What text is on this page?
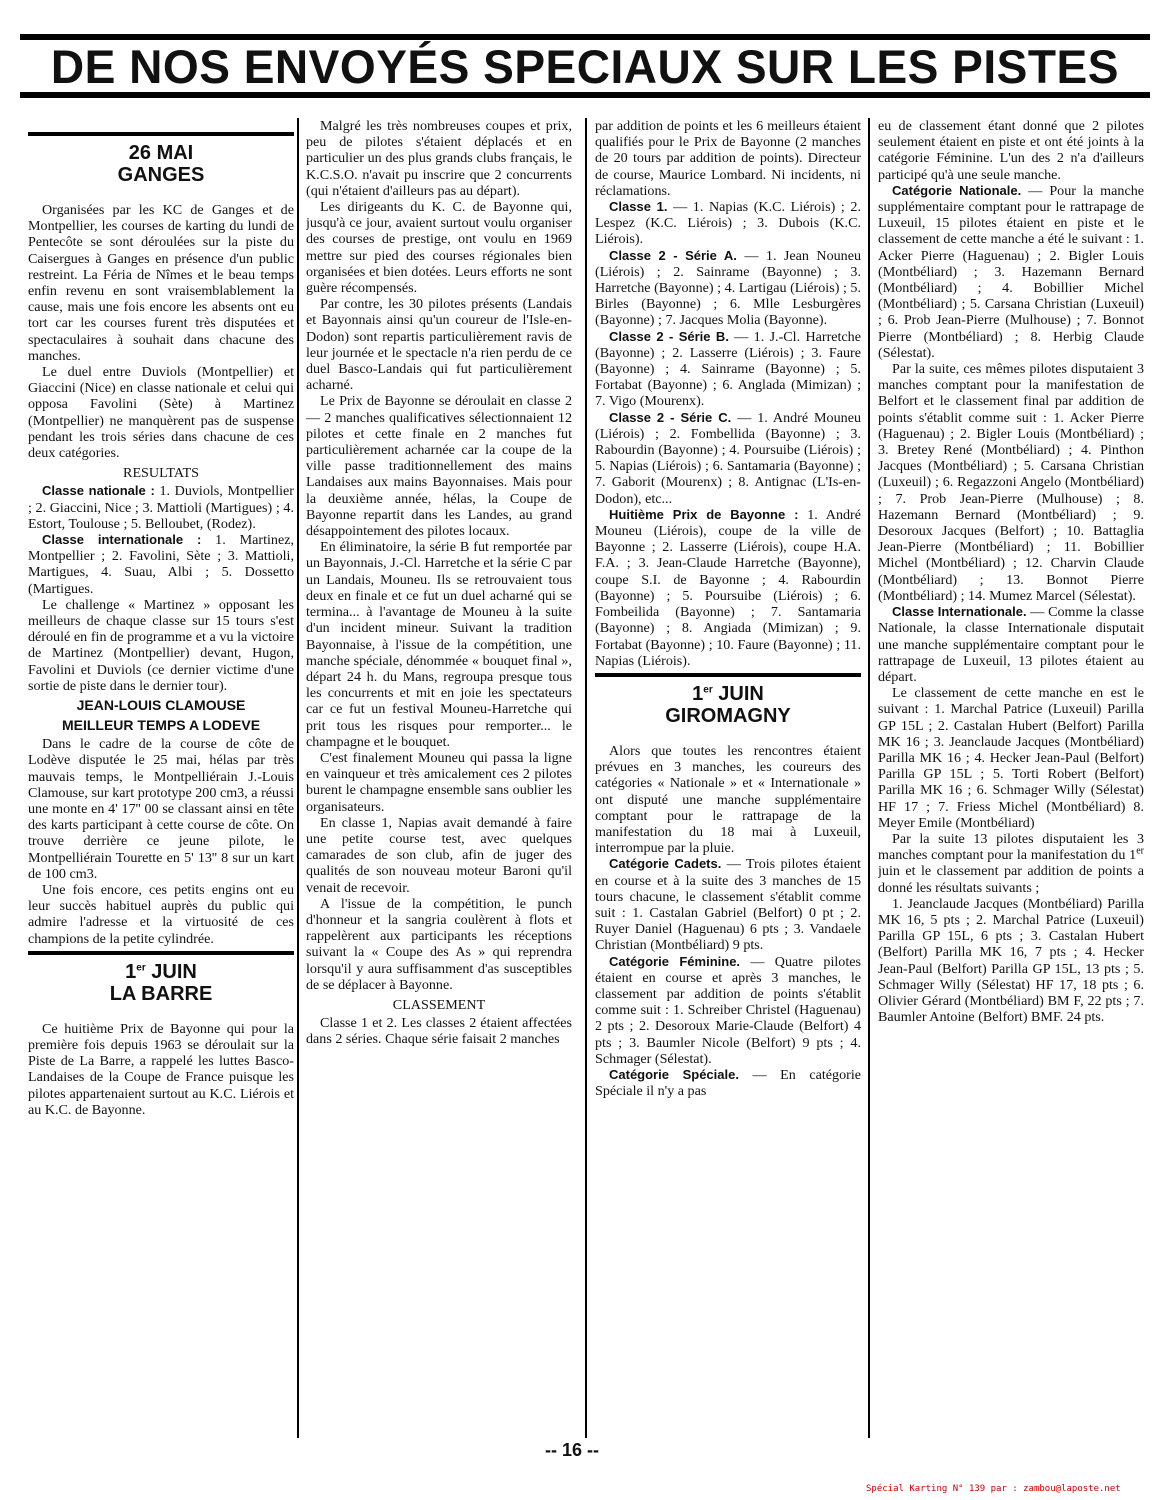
DE NOS ENVOYÉS SPECIAUX SUR LES PISTES
26 MAI
GANGES

Organisées par les KC de Ganges et de Montpellier, les courses de karting du lundi de Pentecôte se sont déroulées sur la piste du Caisergues à Ganges en présence d'un public restreint. La Féria de Nîmes et le beau temps enfin revenu en sont vraisemblablement la cause, mais une fois encore les absents ont eu tort car les courses furent très disputées et spectaculaires à souhait dans chacune des manches.

Le duel entre Duviols (Montpellier) et Giaccini (Nice) en classe nationale et celui qui opposa Favolini (Sète) à Martinez (Montpellier) ne manquèrent pas de suspense pendant les trois séries dans chacune de ces deux catégories.

RESULTATS

Classe nationale : 1. Duviols, Montpellier ; 2. Giaccini, Nice ; 3. Mattioli (Martigues) ; 4. Estort, Toulouse ; 5. Belloubet, (Rodez).

Classe internationale : 1. Martinez, Montpellier ; 2. Favolini, Sète ; 3. Mattioli, Martigues, 4. Suau, Albi ; 5. Dossetto (Martigues.

Le challenge « Martinez » opposant les meilleurs de chaque classe sur 15 tours s'est déroulé en fin de programme et a vu la victoire de Martinez (Montpellier) devant, Hugon, Favolini et Duviols (ce dernier victime d'une sortie de piste dans le dernier tour).

JEAN-LOUIS CLAMOUSE
MEILLEUR TEMPS A LODEVE

Dans le cadre de la course de côte de Lodève disputée le 25 mai, hélas par très mauvais temps, le Montpelliérain J.-Louis Clamouse, sur kart prototype 200 cm3, a réussi une monte en 4' 17'' 00 se classant ainsi en tête des karts participant à cette course de côte. On trouve derrière ce jeune pilote, le Montpelliérain Tourette en 5' 13'' 8 sur un kart de 100 cm3.

Une fois encore, ces petits engins ont eu leur succès habituel auprès du public qui admire l'adresse et la virtuosité de ces champions de la petite cylindrée.

1er JUIN
LA BARRE

Ce huitième Prix de Bayonne qui pour la première fois depuis 1963 se déroulait sur la Piste de La Barre, a rappelé les luttes Basco-Landaises de la Coupe de France puisque les pilotes appartenaient surtout au K.C. Liérois et au K.C. de Bayonne.

Malgré les très nombreuses coupes et prix, peu de pilotes s'étaient déplacés et en particulier un des plus grands clubs français, le K.C.S.O. n'avait pu inscrire que 2 concurrents (qui n'étaient d'ailleurs pas au départ).

Les dirigeants du K. C. de Bayonne qui, jusqu'à ce jour, avaient surtout voulu organiser des courses de prestige, ont voulu en 1969 mettre sur pied des courses régionales bien organisées et bien dotées. Leurs efforts ne sont guère récompensés.

Par contre, les 30 pilotes présents (Landais et Bayonnais ainsi qu'un coureur de l'Isle-en-Dodon) sont repartis particulièrement ravis de leur journée et le spectacle n'a rien perdu de ce duel Basco-Landais qui fut particulièrement acharné.

Le Prix de Bayonne se déroulait en classe 2 — 2 manches qualificatives sélectionnaient 12 pilotes et cette finale en 2 manches fut particulièrement acharnée car la coupe de la ville passe traditionnellement des mains Landaises aux mains Bayonnaises. Mais pour la deuxième année, hélas, la Coupe de Bayonne repartit dans les Landes, au grand désappointement des pilotes locaux.

En éliminatoire, la série B fut remportée par un Bayonnais, J.-Cl. Harretche et la série C par un Landais, Mouneu. Ils se retrouvaient tous deux en finale et ce fut un duel acharné qui se termina... à l'avantage de Mouneu à la suite d'un incident mineur. Suivant la tradition Bayonnaise, à l'issue de la compétition, une manche spéciale, dénommée « bouquet final », départ 24 h. du Mans, regroupa presque tous les concurrents et mit en joie les spectateurs car ce fut un festival Mouneu-Harretche qui prit tous les risques pour remporter... le champagne et le bouquet.

C'est finalement Mouneu qui passa la ligne en vainqueur et très amicalement ces 2 pilotes burent le champagne ensemble sans oublier les organisateurs.

En classe 1, Napias avait demandé à faire une petite course test, avec quelques camarades de son club, afin de juger des qualités de son nouveau moteur Baroni qu'il venait de recevoir.

A l'issue de la compétition, le punch d'honneur et la sangria coulèrent à flots et rappelèrent aux participants les réceptions suivant la « Coupe des As » qui reprendra lorsqu'il y aura suffisamment d'as susceptibles de se déplacer à Bayonne.

CLASSEMENT

Classe 1 et 2. Les classes 2 étaient affectées dans 2 séries. Chaque série faisait 2 manches

par addition de points et les 6 meilleurs étaient qualifiés pour le Prix de Bayonne (2 manches de 20 tours par addition de points). Directeur de course, Maurice Lombard. Ni incidents, ni réclamations.

Classe 1. — 1. Napias (K.C. Liérois) ; 2. Lespez (K.C. Liérois) ; 3. Dubois (K.C. Liérois).

Classe 2 - Série A. — 1. Jean Nouneu (Liérois) ; 2. Sainrame (Bayonne) ; 3. Harretche (Bayonne) ; 4. Lartigau (Liérois) ; 5. Birles (Bayonne) ; 6. Mlle Lesburgères (Bayonne) ; 7. Jacques Molia (Bayonne).

Classe 2 - Série B. — 1. J.-Cl. Harretche (Bayonne) ; 2. Lasserre (Liérois) ; 3. Faure (Bayonne) ; 4. Sainrame (Bayonne) ; 5. Fortabat (Bayonne) ; 6. Anglada (Mimizan) ; 7. Vigo (Mourenx).

Classe 2 - Série C. — 1. André Mouneu (Liérois) ; 2. Fombellida (Bayonne) ; 3. Rabourdin (Bayonne) ; 4. Poursuibe (Liérois) ; 5. Napias (Liérois) ; 6. Santamaria (Bayonne) ; 7. Gaborit (Mourenx) ; 8. Antignac (L'Is-en-Dodon), etc...

Huitième Prix de Bayonne : 1. André Mouneu (Liérois), coupe de la ville de Bayonne ; 2. Lasserre (Liérois), coupe H.A. F.A. ; 3. Jean-Claude Harretche (Bayonne), coupe S.I. de Bayonne ; 4. Rabourdin (Bayonne) ; 5. Poursuibe (Liérois) ; 6. Fombeilida (Bayonne) ; 7. Santamaria (Bayonne) ; 8. Angiada (Mimizan) ; 9. Fortabat (Bayonne) ; 10. Faure (Bayonne) ; 11. Napias (Liérois).

1er JUIN
GIROMAGNY

Alors que toutes les rencontres étaient prévues en 3 manches, les coureurs des catégories « Nationale » et « Internationale » ont disputé une manche supplémentaire comptant pour le rattrapage de la manifestation du 18 mai à Luxeuil, interrompue par la pluie.

Catégorie Cadets. — Trois pilotes étaient en course et à la suite des 3 manches de 15 tours chacune, le classement s'établit comme suit : 1. Castalan Gabriel (Belfort) 0 pt ; 2. Ruyer Daniel (Haguenau) 6 pts ; 3. Vandaele Christian (Montbéliard) 9 pts.

Catégorie Féminine. — Quatre pilotes étaient en course et après 3 manches, le classement par addition de points s'établit comme suit : 1. Schreiber Christel (Haguenau) 2 pts ; 2. Desoroux Marie-Claude (Belfort) 4 pts ; 3. Baumler Nicole (Belfort) 9 pts ; 4. Schmager (Sélestat).

Catégorie Spéciale. — En catégorie Spéciale il n'y a pas

eu de classement étant donné que 2 pilotes seulement étaient en piste et ont été joints à la catégorie Féminine. L'un des 2 n'a d'ailleurs participé qu'à une seule manche.

Catégorie Nationale. — Pour la manche supplémentaire comptant pour le rattrapage de Luxeuil, 15 pilotes étaient en piste et le classement de cette manche a été le suivant : 1. Acker Pierre (Haguenau) ; 2. Bigler Louis (Montbéliard) ; 3. Hazemann Bernard (Montbéliard) ; 4. Bobillier Michel (Montbéliard) ; 5. Carsana Christian (Luxeuil) ; 6. Prob Jean-Pierre (Mulhouse) ; 7. Bonnot Pierre (Montbéliard) ; 8. Herbig Claude (Sélestat).

Par la suite, ces mêmes pilotes disputaient 3 manches comptant pour la manifestation de Belfort et le classement final par addition de points s'établit comme suit : 1. Acker Pierre (Haguenau) ; 2. Bigler Louis (Montbéliard) ; 3. Bretey René (Montbéliard) ; 4. Pinthon Jacques (Montbéliard) ; 5. Carsana Christian (Luxeuil) ; 6. Regazzoni Angelo (Montbéliard) ; 7. Prob Jean-Pierre (Mulhouse) ; 8. Hazemann Bernard (Montbéliard) ; 9. Desoroux Jacques (Belfort) ; 10. Battaglia Jean-Pierre (Montbéliard) ; 11. Bobillier Michel (Montbéliard) ; 12. Charvin Claude (Montbéliard) ; 13. Bonnot Pierre (Montbéliard) ; 14. Mumez Marcel (Sélestat).

Classe Internationale. — Comme la classe Nationale, la classe Internationale disputait une manche supplémentaire comptant pour le rattrapage de Luxeuil, 13 pilotes étaient au départ.

Le classement de cette manche en est le suivant : 1. Marchal Patrice (Luxeuil) Parilla GP 15L ; 2. Castalan Hubert (Belfort) Parilla MK 16 ; 3. Jeanclaude Jacques (Montbéliard) Parilla MK 16 ; 4. Hecker Jean-Paul (Belfort) Parilla GP 15L ; 5. Torti Robert (Belfort) Parilla MK 16 ; 6. Schmager Willy (Sélestat) HF 17 ; 7. Friess Michel (Montbéliard) 8. Meyer Emile (Montbéliard)

Par la suite 13 pilotes disputaient les 3 manches comptant pour la manifestation du 1er juin et le classement par addition de points a donné les résultats suivants ;

1. Jeanclaude Jacques (Montbéliard) Parilla MK 16, 5 pts ; 2. Marchal Patrice (Luxeuil) Parilla GP 15L, 6 pts ; 3. Castalan Hubert (Belfort) Parilla MK 16, 7 pts ; 4. Hecker Jean-Paul (Belfort) Parilla GP 15L, 13 pts ; 5. Schmager Willy (Sélestat) HF 17, 18 pts ; 6. Olivier Gérard (Montbéliard) BM F, 22 pts ; 7. Baumler Antoine (Belfort) BMF. 24 pts.

-- 16 --
Spécial Karting N° 139 par : zambou@laposte.net
